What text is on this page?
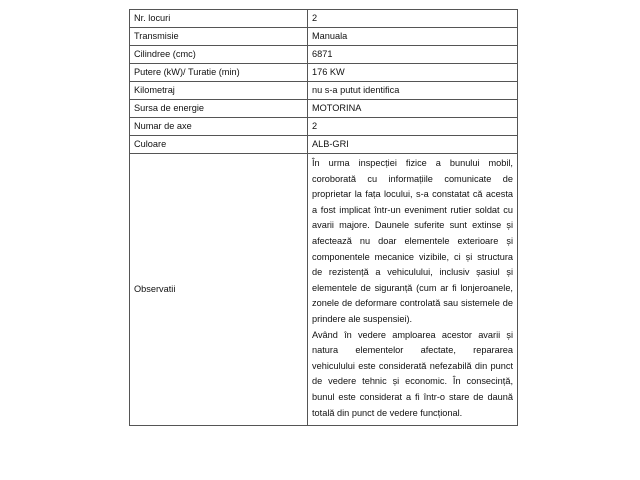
Nr. locuri	2
Transmisie	Manuala
Cilindree (cmc)	6871
Putere (kW)/ Turatie (min)	176 KW
Kilometraj	nu s-a putut identifica
Sursa de energie	MOTORINA
Numar de axe	2
Culoare	ALB-GRI
Observatii	În urma inspecției fizice a bunului mobil, coroborată cu informațiile comunicate de proprietar la fața locului, s-a constatat că acesta a fost implicat într-un eveniment rutier soldat cu avarii majore. Daunele suferite sunt extinse și afectează nu doar elementele exterioare și componentele mecanice vizibile, ci și structura de rezistență a vehiculului, inclusiv șasiul și elementele de siguranță (cum ar fi lonjeroanele, zonele de deformare controlată sau sistemele de prindere ale suspensiei).
Având în vedere amploarea acestor avarii și natura elementelor afectate, repararea vehiculului este considerată nefezabilă din punct de vedere tehnic și economic. În consecință, bunul este considerat a fi într-o stare de daună totală din punct de vedere funcțional.
